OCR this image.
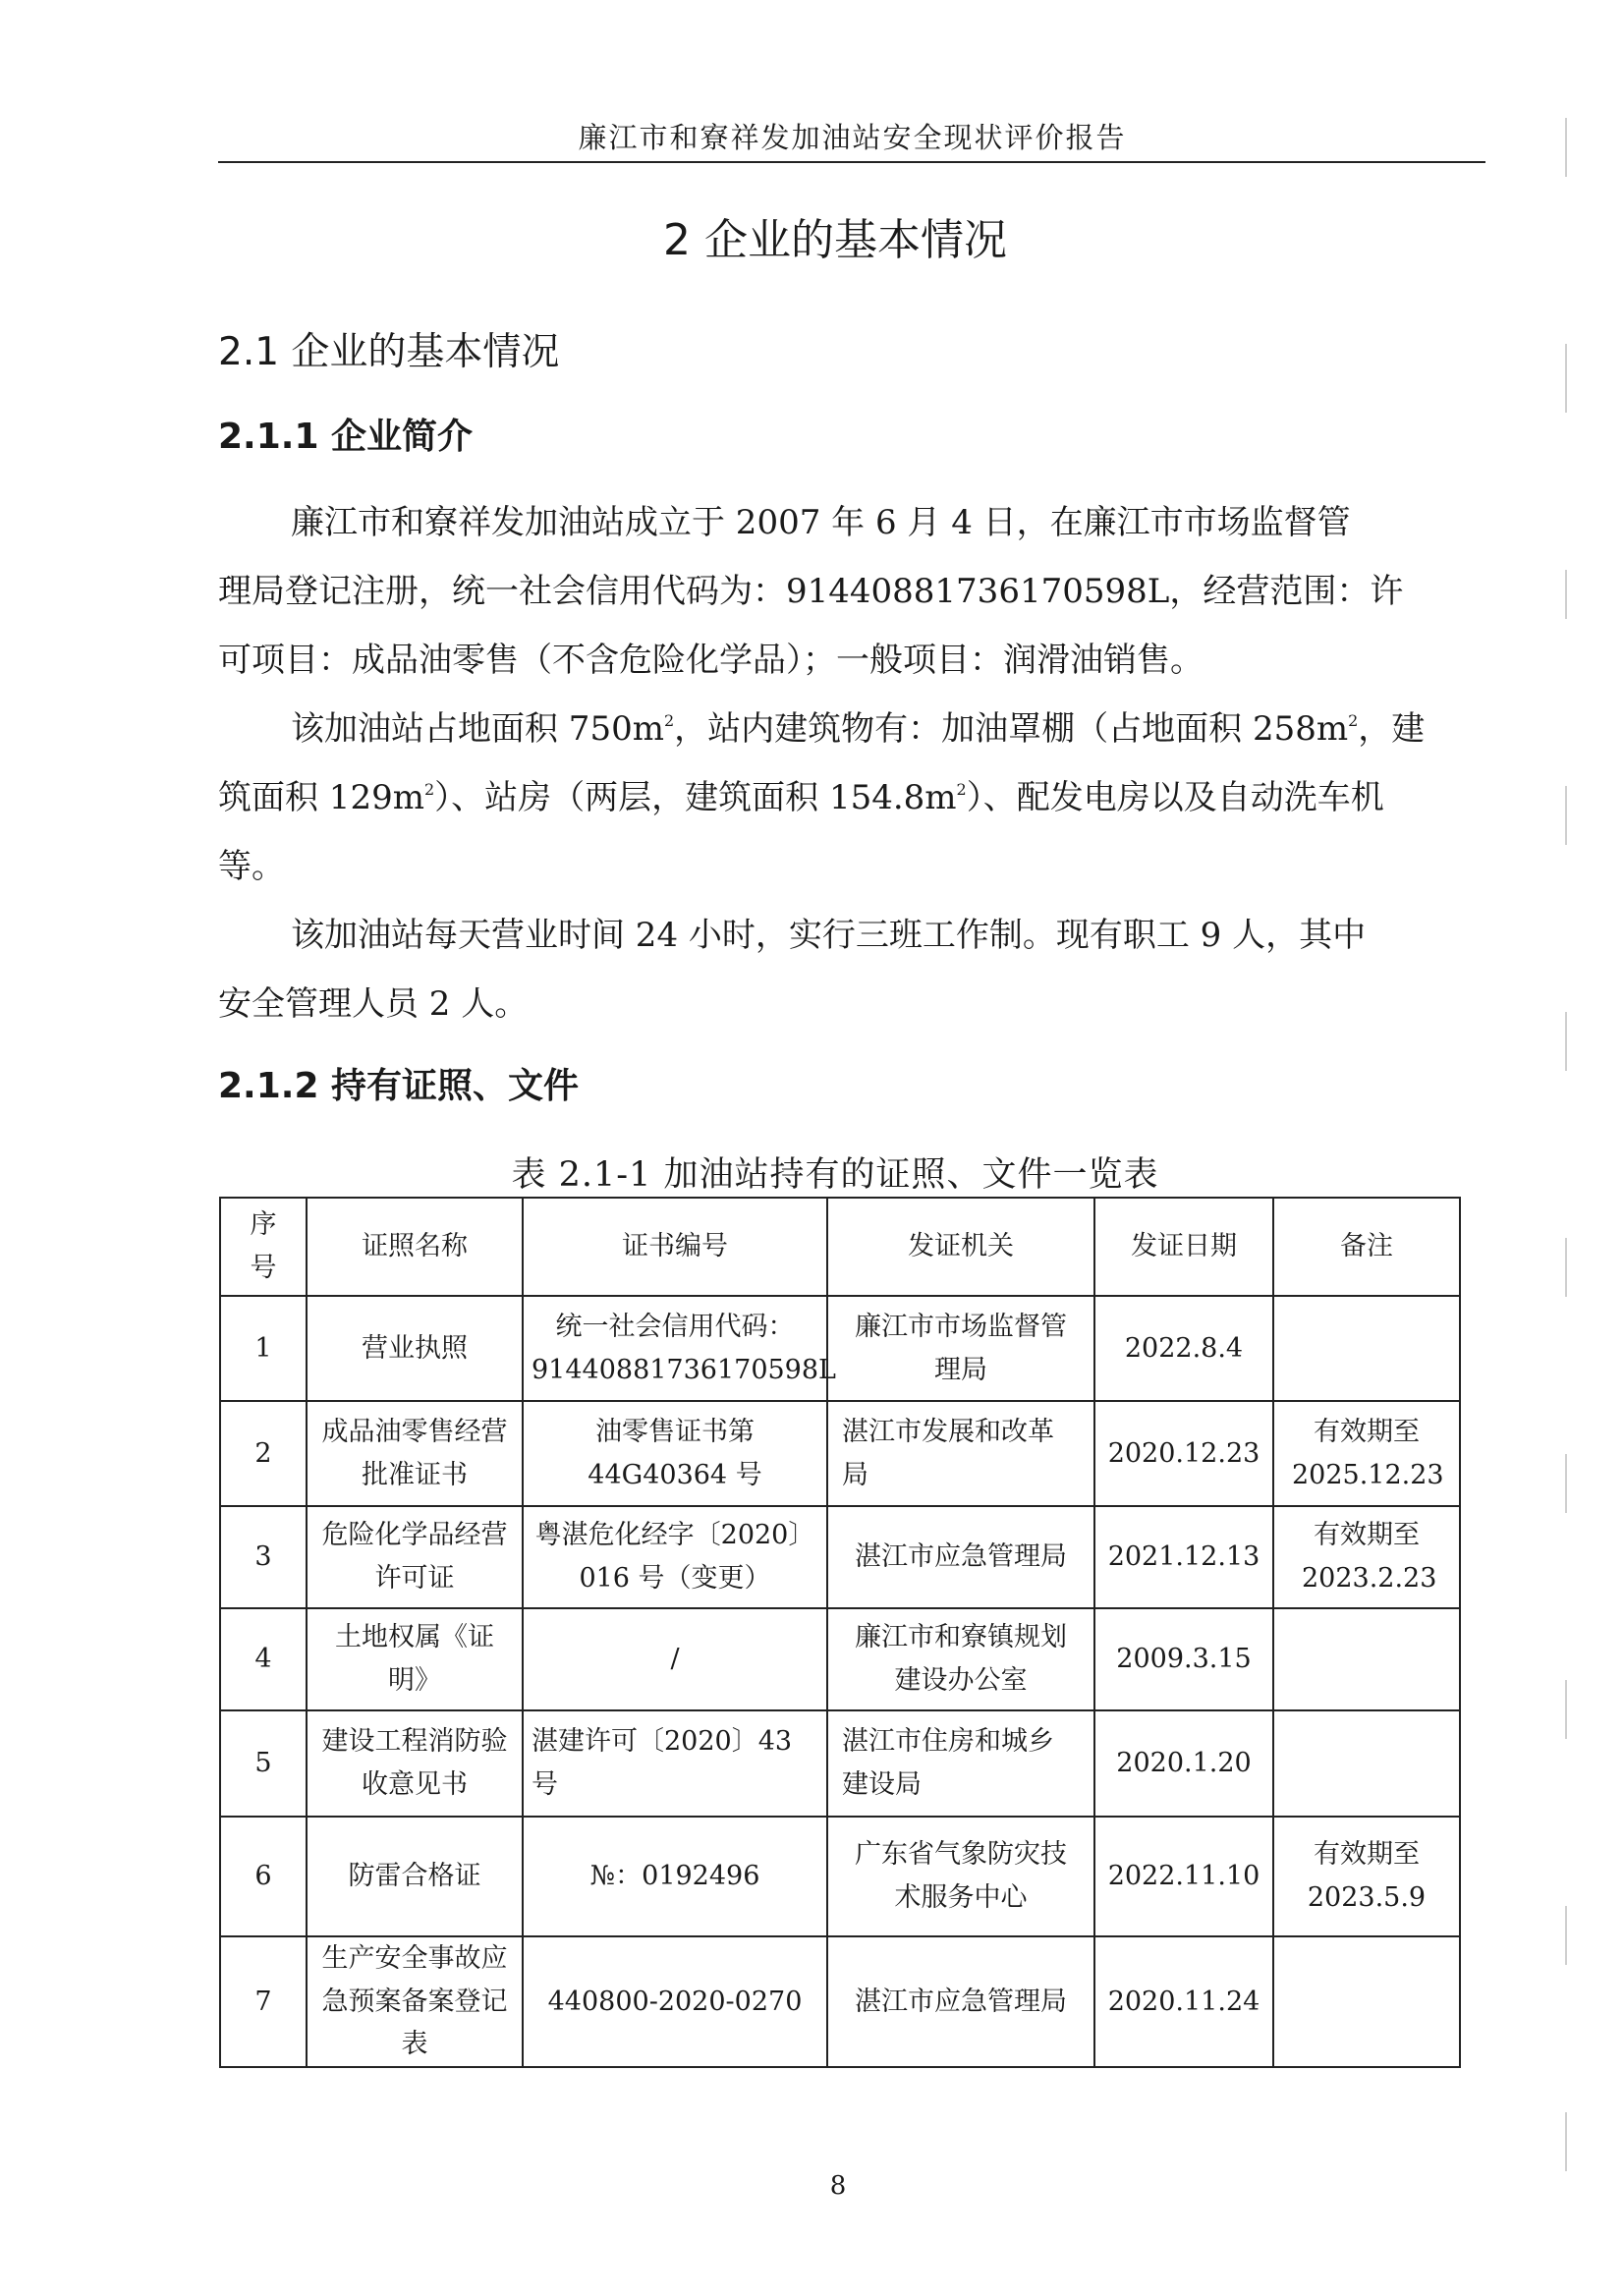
廉江市和寮祥发加油站安全现状评价报告
2 企业的基本情况
2.1 企业的基本情况
2.1.1 企业简介
廉江市和寮祥发加油站成立于 2007 年 6 月 4 日，在廉江市市场监督管
理局登记注册，统一社会信用代码为：91440881736170598L，经营范围：许
可项目：成品油零售（不含危险化学品）；一般项目：润滑油销售。
该加油站占地面积 $750m^2$，站内建筑物有：加油罩棚（占地面积 $258m^2$，建
筑面积 $129m^2$）、站房（两层，建筑面积 $154.8m^2$）、配发电房以及自动洗车机
等。
该加油站每天营业时间 24 小时，实行三班工作制。现有职工 9 人，其中
安全管理人员 2 人。
2.1.2 持有证照、文件
表 2.1-1 加油站持有的证照、文件一览表
序号	证照名称	证书编号	发证机关	发证日期	备注
1	营业执照	统一社会信用代码：91440881736170598L	廉江市市场监督管理局	2022.8.4	
2	成品油零售经营批准证书	油零售证书第 44G40364 号	湛江市发展和改革局	2020.12.23	有效期至 2025.12.23
3	危险化学品经营许可证	粤湛危化经字〔2020〕016 号（变更）	湛江市应急管理局	2021.12.13	有效期至 2023.2.23
4	土地权属《证明》	/	廉江市和寮镇规划建设办公室	2009.3.15	
5	建设工程消防验收意见书	湛建许可〔2020〕43 号	湛江市住房和城乡建设局	2020.1.20	
6	防雷合格证	№：0192496	广东省气象防灾技术服务中心	2022.11.10	有效期至 2023.5.9
7	生产安全事故应急预案备案登记表	440800-2020-0270	湛江市应急管理局	2020.11.24	
8
